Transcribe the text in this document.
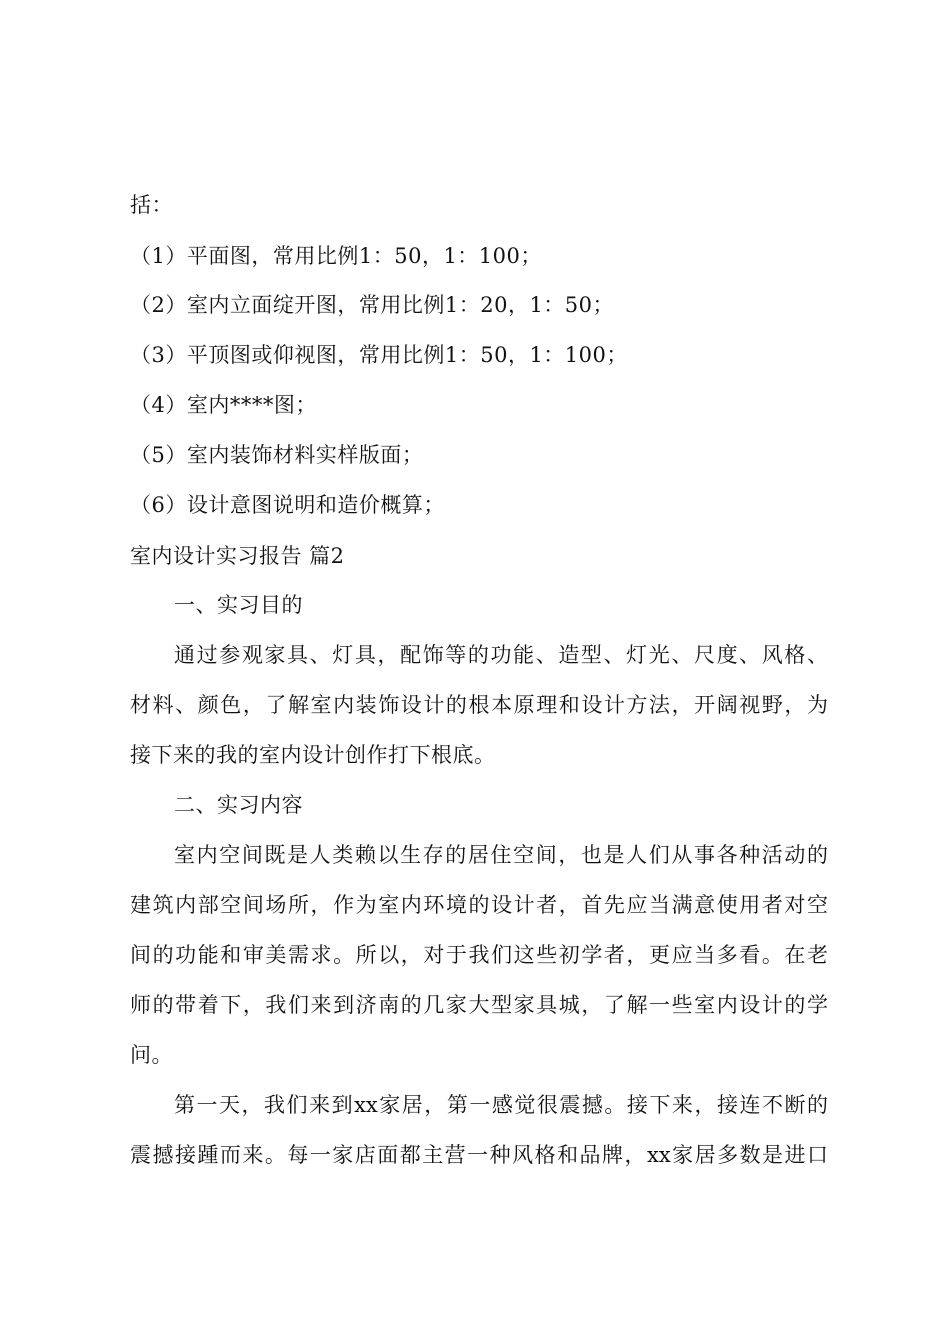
括：
（1）平面图，常用比例1：50，1：100；
（2）室内立面绽开图，常用比例1：20，1：50；
（3）平顶图或仰视图，常用比例1：50，1：100；
（4）室内****图；
（5）室内装饰材料实样版面；
（6）设计意图说明和造价概算；
室内设计实习报告 篇2
一、实习目的
通过参观家具、灯具，配饰等的功能、造型、灯光、尺度、风格、
材料、颜色，了解室内装饰设计的根本原理和设计方法，开阔视野，为
接下来的我的室内设计创作打下根底。
二、实习内容
室内空间既是人类赖以生存的居住空间，也是人们从事各种活动的
建筑内部空间场所，作为室内环境的设计者，首先应当满意使用者对空
间的功能和审美需求。所以，对于我们这些初学者，更应当多看。在老
师的带着下，我们来到济南的几家大型家具城，了解一些室内设计的学
问。
第一天，我们来到xx家居，第一感觉很震撼。接下来，接连不断的
震撼接踵而来。每一家店面都主营一种风格和品牌，xx家居多数是进口
